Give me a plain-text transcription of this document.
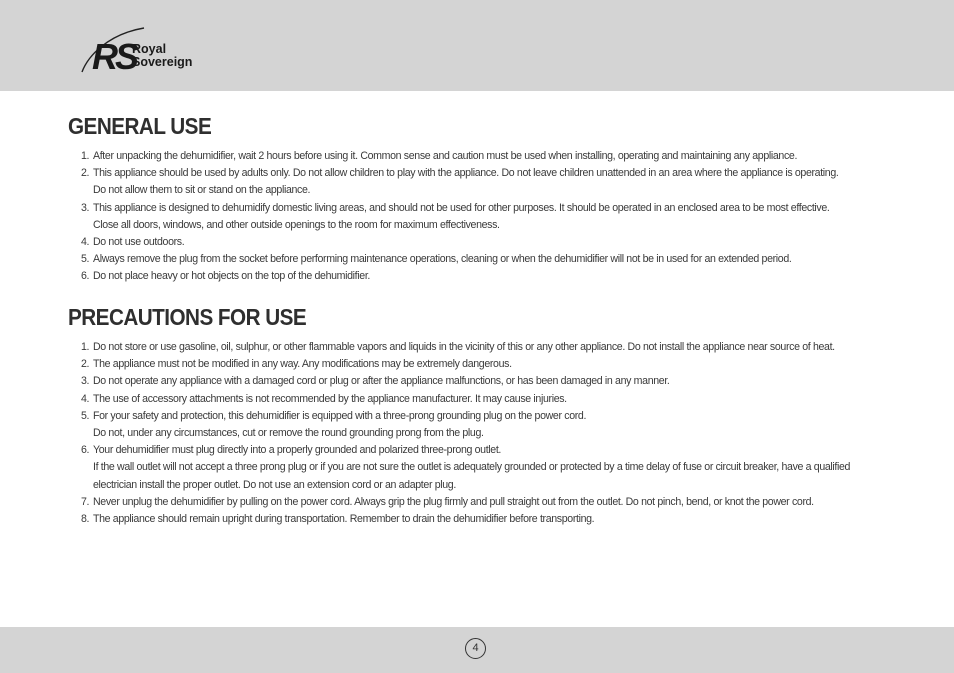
RS
Royal
Sovereign
GENERAL USE
1. After unpacking the dehumidifier, wait 2 hours before using it. Common sense and caution must be used when installing, operating and maintaining any appliance.
2. This appliance should be used by adults only. Do not allow children to play with the appliance. Do not leave children unattended in an area where the appliance is operating.
Do not allow them to sit or stand on the appliance.
3. This appliance is designed to dehumidify domestic living areas, and should not be used for other purposes. It should be operated in an enclosed area to be most effective.
Close all doors, windows, and other outside openings to the room for maximum effectiveness.
4. Do not use outdoors.
5. Always remove the plug from the socket before performing maintenance operations, cleaning or when the dehumidifier will not be in used for an extended period.
6. Do not place heavy or hot objects on the top of the dehumidifier.
PRECAUTIONS FOR USE
1. Do not store or use gasoline, oil, sulphur, or other flammable vapors and liquids in the vicinity of this or any other appliance. Do not install the appliance near source of heat.
2. The appliance must not be modified in any way. Any modifications may be extremely dangerous.
3. Do not operate any appliance with a damaged cord or plug or after the appliance malfunctions, or has been damaged in any manner.
4. The use of accessory attachments is not recommended by the appliance manufacturer. It may cause injuries.
5. For your safety and protection, this dehumidifier is equipped with a three-prong grounding plug on the power cord.
Do not, under any circumstances, cut or remove the round grounding prong from the plug.
6. Your dehumidifier must plug directly into a properly grounded and polarized three-prong outlet.
If the wall outlet will not accept a three prong plug or if you are not sure the outlet is adequately grounded or protected by a time delay of fuse or circuit breaker, have a qualified
electrician install the proper outlet. Do not use an extension cord or an adapter plug.
7. Never unplug the dehumidifier by pulling on the power cord. Always grip the plug firmly and pull straight out from the outlet. Do not pinch, bend, or knot the power cord.
8. The appliance should remain upright during transportation. Remember to drain the dehumidifier before transporting.
4
